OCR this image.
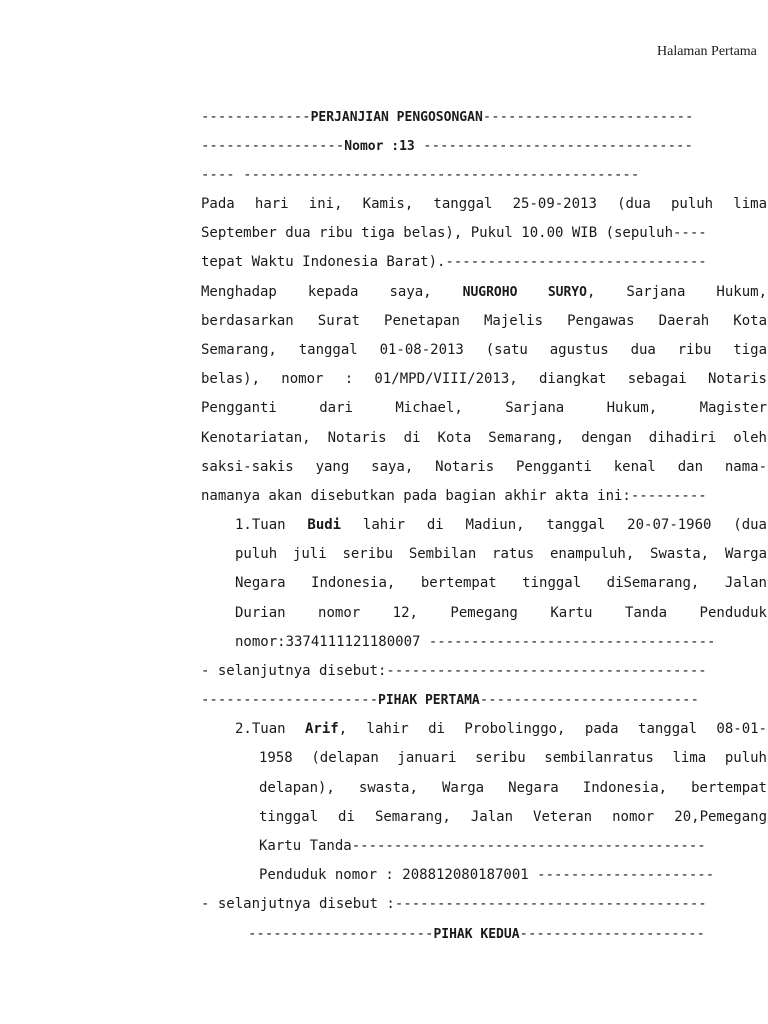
Halaman Pertama
-------------PERJANJIAN PENGOSONGAN-------------------------
-----------------Nomor :13 --------------------------------
---- -----------------------------------------------
Pada hari ini, Kamis, tanggal 25-09-2013 (dua puluh lima
September dua ribu tiga belas), Pukul 10.00 WIB (sepuluh----
tepat Waktu Indonesia Barat).-------------------------------
Menghadap kepada saya, NUGROHO SURYO, Sarjana Hukum,
berdasarkan Surat Penetapan Majelis Pengawas Daerah Kota
Semarang, tanggal 01-08-2013 (satu agustus dua ribu tiga
belas), nomor : 01/MPD/VIII/2013, diangkat sebagai Notaris
Pengganti dari Michael, Sarjana Hukum, Magister
Kenotariatan, Notaris di Kota Semarang, dengan dihadiri oleh
saksi-sakis yang saya, Notaris Pengganti kenal dan nama-
namanya akan disebutkan pada bagian akhir akta ini:---------
1.Tuan Budi lahir di Madiun, tanggal 20-07-1960 (dua
puluh juli seribu Sembilan ratus enampuluh, Swasta, Warga
Negara Indonesia, bertempat tinggal diSemarang, Jalan
Durian nomor 12, Pemegang Kartu Tanda Penduduk
nomor:3374111121180007 ----------------------------------
- selanjutnya disebut:--------------------------------------
---------------------PIHAK PERTAMA--------------------------
2.Tuan Arif, lahir di Probolinggo, pada tanggal 08-01-
1958 (delapan januari seribu sembilanratus lima puluh
delapan), swasta, Warga Negara Indonesia, bertempat
tinggal di Semarang, Jalan Veteran nomor 20,Pemegang
Kartu Tanda------------------------------------------
Penduduk nomor : 208812080187001 ---------------------
- selanjutnya disebut :-------------------------------------
----------------------PIHAK KEDUA----------------------
